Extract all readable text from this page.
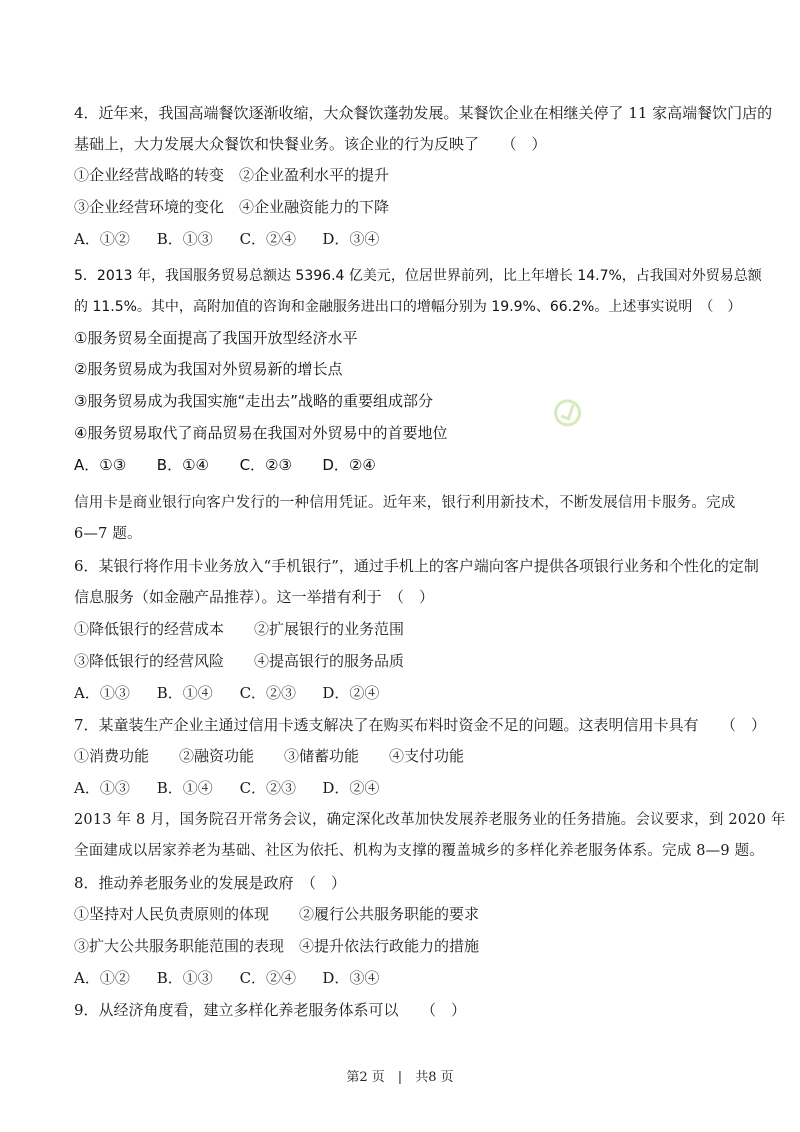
4．近年来，我国高端餐饮逐渐收缩，大众餐饮蓬勃发展。某餐饮企业在相继关停了 11 家高端餐饮门店的
基础上，大力发展大众餐饮和快餐业务。该企业的行为反映了　　（　）
①企业经营战略的转变　②企业盈利水平的提升
③企业经营环境的变化　④企业融资能力的下降
A．①② B．①③ C．②④ D．③④
5．2013 年，我国服务贸易总额达 5396.4 亿美元，位居世界前列，比上年增长 14.7%，占我国对外贸易总额
的 11.5%。其中，高附加值的咨询和金融服务进出口的增幅分别为 19.9%、66.2%。上述事实说明　（　）
①服务贸易全面提高了我国开放型经济水平
②服务贸易成为我国对外贸易新的增长点
③服务贸易成为我国实施“走出去”战略的重要组成部分
④服务贸易取代了商品贸易在我国对外贸易中的首要地位
A．①③ B．①④ C．②③ D．②④
信用卡是商业银行向客户发行的一种信用凭证。近年来，银行利用新技术，不断发展信用卡服务。完成
6—7 题。
6．某银行将作用卡业务放入“手机银行”，通过手机上的客户端向客户提供各项银行业务和个性化的定制
信息服务（如金融产品推荐）。这一举措有利于　（　）
①降低银行的经营成本　　②扩展银行的业务范围
③降低银行的经营风险　　④提高银行的服务品质
A．①③ B．①④ C．②③ D．②④
7．某童装生产企业主通过信用卡透支解决了在购买布料时资金不足的问题。这表明信用卡具有　　（　）
①消费功能　　②融资功能　　③储蓄功能　　④支付功能
A．①③ B．①④ C．②③ D．②④
2013 年 8 月，国务院召开常务会议，确定深化改革加快发展养老服务业的任务措施。会议要求，到 2020 年
全面建成以居家养老为基础、社区为依托、机构为支撑的覆盖城乡的多样化养老服务体系。完成 8—9 题。
8．推动养老服务业的发展是政府　（　）
①坚持对人民负责原则的体现　　②履行公共服务职能的要求
③扩大公共服务职能范围的表现　④提升依法行政能力的措施
A．①② B．①③ C．②④ D．③④
9．从经济角度看，建立多样化养老服务体系可以　　（　）
第2 页　|　共8 页
